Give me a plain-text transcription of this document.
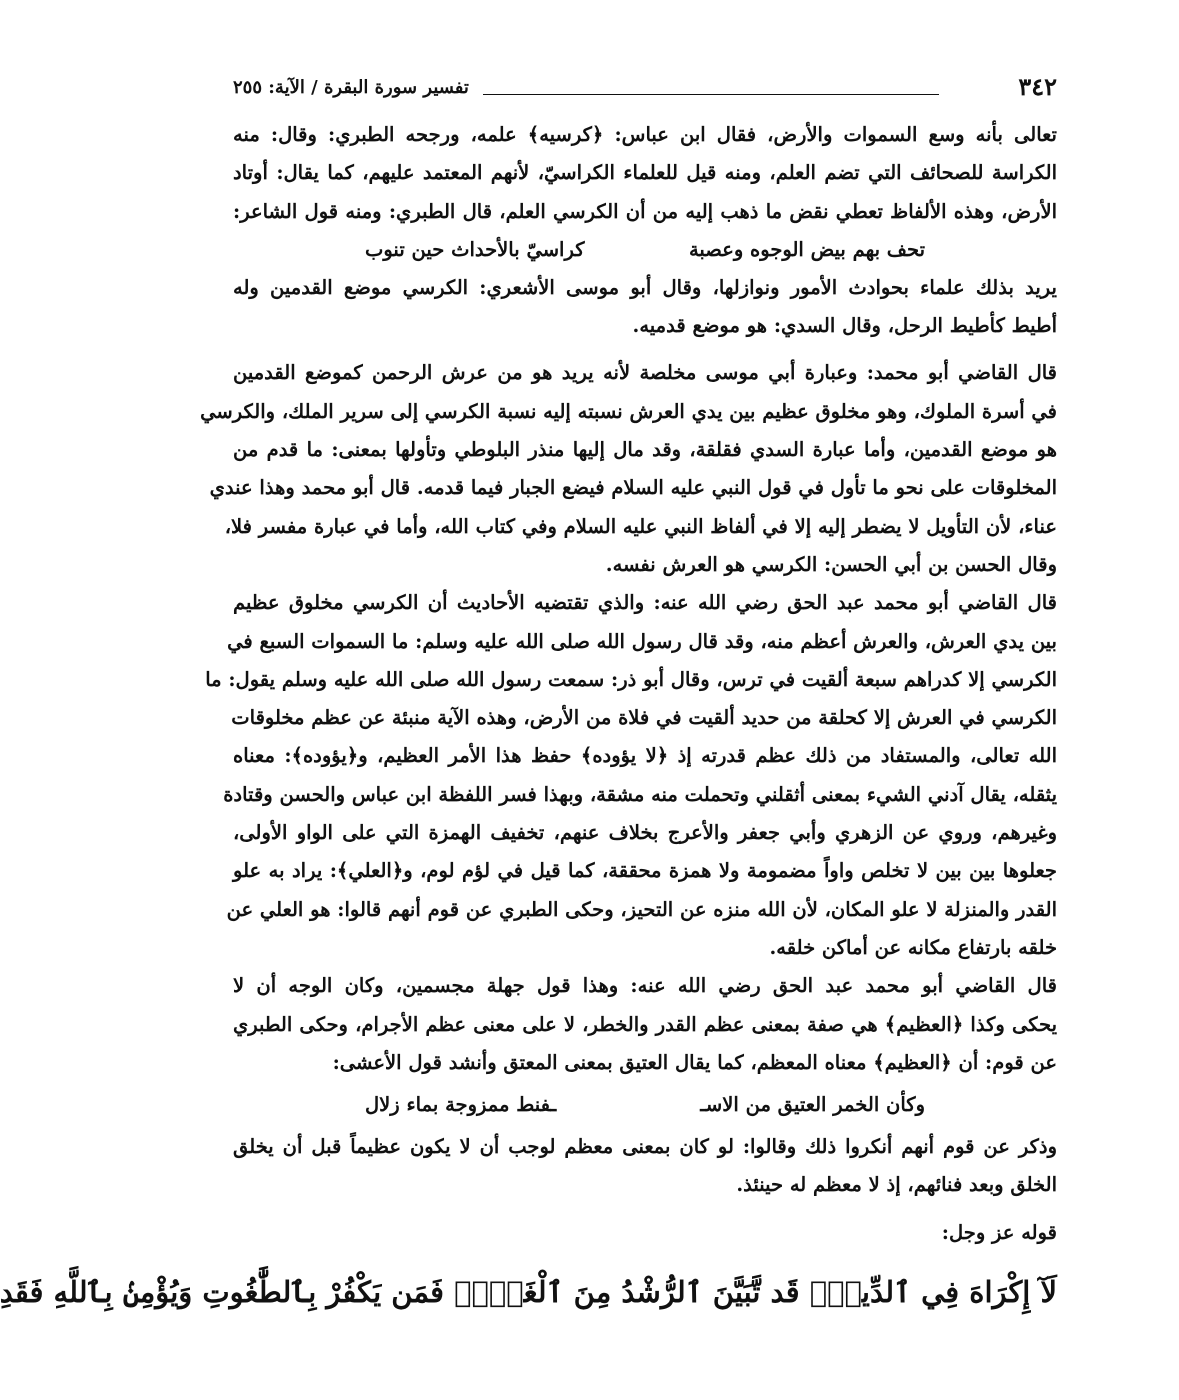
٣٤٢
تفسير سورة البقرة / الآية: ٢٥٥
تعالى بأنه وسع السموات والأرض، فقال ابن عباس: ﴿كرسيه﴾ علمه، ورجحه الطبري: وقال: منه
الكراسة للصحائف التي تضم العلم، ومنه قيل للعلماء الكراسيّ، لأنهم المعتمد عليهم، كما يقال: أوتاد
الأرض، وهذه الألفاظ تعطي نقض ما ذهب إليه من أن الكرسي العلم، قال الطبري: ومنه قول الشاعر:
تحف بهم بيض الوجوه وعصبة
كراسيّ بالأحداث حين تنوب
يريد بذلك علماء بحوادث الأمور ونوازلها، وقال أبو موسى الأشعري: الكرسي موضع القدمين وله
أطيط كأطيط الرحل، وقال السدي: هو موضع قدميه.
قال القاضي أبو محمد: وعبارة أبي موسى مخلصة لأنه يريد هو من عرش الرحمن كموضع القدمين
في أسرة الملوك، وهو مخلوق عظيم بين يدي العرش نسبته إليه نسبة الكرسي إلى سرير الملك، والكرسي
هو موضع القدمين، وأما عبارة السدي فقلقة، وقد مال إليها منذر البلوطي وتأولها بمعنى: ما قدم من
المخلوقات على نحو ما تأول في قول النبي عليه السلام فيضع الجبار فيما قدمه. قال أبو محمد وهذا عندي
عناء، لأن التأويل لا يضطر إليه إلا في ألفاظ النبي عليه السلام وفي كتاب الله، وأما في عبارة مفسر فلا،
وقال الحسن بن أبي الحسن: الكرسي هو العرش نفسه.
قال القاضي أبو محمد عبد الحق رضي الله عنه: والذي تقتضيه الأحاديث أن الكرسي مخلوق عظيم
بين يدي العرش، والعرش أعظم منه، وقد قال رسول الله صلى الله عليه وسلم: ما السموات السبع في
الكرسي إلا كدراهم سبعة ألقيت في ترس، وقال أبو ذر: سمعت رسول الله صلى الله عليه وسلم يقول: ما
الكرسي في العرش إلا كحلقة من حديد ألقيت في فلاة من الأرض، وهذه الآية منبئة عن عظم مخلوقات
الله تعالى، والمستفاد من ذلك عظم قدرته إذ ﴿لا يؤوده﴾ حفظ هذا الأمر العظيم، و﴿يؤوده﴾: معناه
يثقله، يقال آدني الشيء بمعنى أثقلني وتحملت منه مشقة، وبهذا فسر اللفظة ابن عباس والحسن وقتادة
وغيرهم، وروي عن الزهري وأبي جعفر والأعرج بخلاف عنهم، تخفيف الهمزة التي على الواو الأولى،
جعلوها بين بين لا تخلص واواً مضمومة ولا همزة محققة، كما قيل في لؤم لوم، و﴿العلي﴾: يراد به علو
القدر والمنزلة لا علو المكان، لأن الله منزه عن التحيز، وحكى الطبري عن قوم أنهم قالوا: هو العلي عن
خلقه بارتفاع مكانه عن أماكن خلقه.
قال القاضي أبو محمد عبد الحق رضي الله عنه: وهذا قول جهلة مجسمين، وكان الوجه أن لا
يحكى وكذا ﴿العظيم﴾ هي صفة بمعنى عظم القدر والخطر، لا على معنى عظم الأجرام، وحكى الطبري
عن قوم: أن ﴿العظيم﴾ معناه المعظم، كما يقال العتيق بمعنى المعتق وأنشد قول الأعشى:
وكأن الخمر العتيق من الاسـ
ـفنط ممزوجة بماء زلال
وذكر عن قوم أنهم أنكروا ذلك وقالوا: لو كان بمعنى معظم لوجب أن لا يكون عظيماً قبل أن يخلق
الخلق وبعد فنائهم، إذ لا معظم له حينئذ.
قوله عز وجل:
لَآ إِكْرَاهَ فِي ٱلدِّينِۖ قَد تَّبَيَّنَ ٱلرُّشْدُ مِنَ ٱلْغَيِّۚ فَمَن يَكْفُرْ بِٱلطَّٰغُوتِ وَيُؤْمِنۢ بِٱللَّهِ فَقَدِ
